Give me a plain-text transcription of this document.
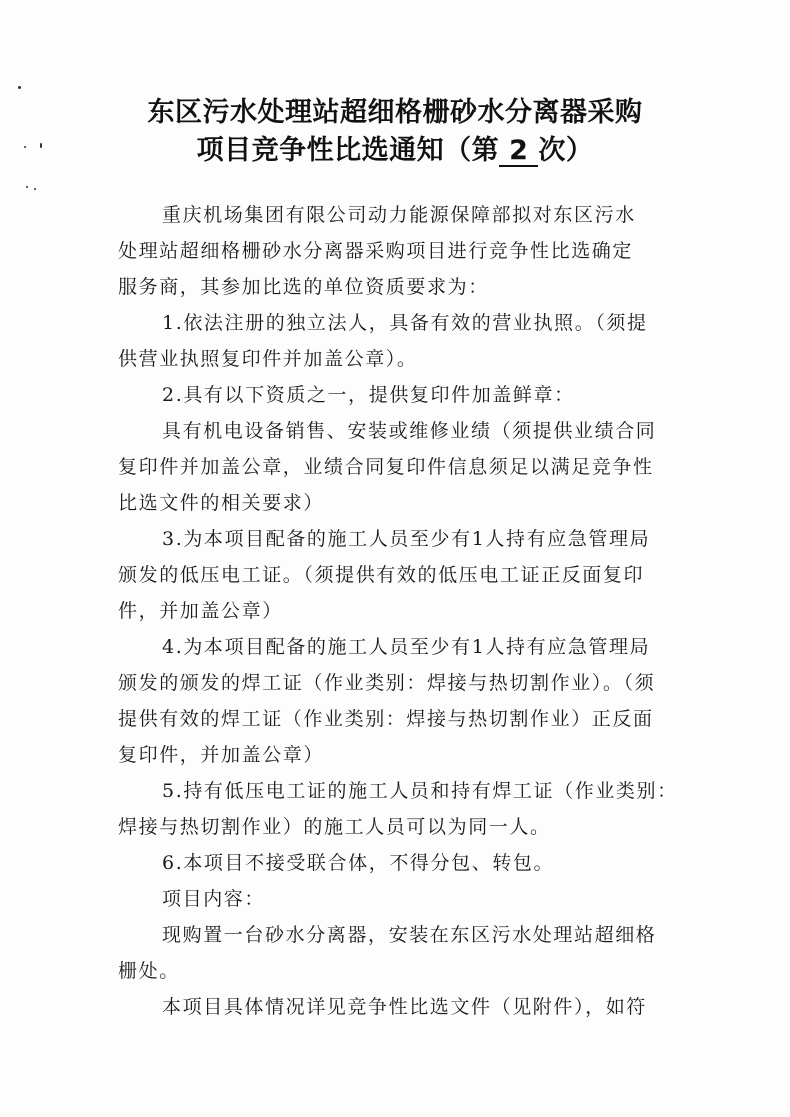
东区污水处理站超细格栅砂水分离器采购
项目竞争性比选通知（第 2 次）

重庆机场集团有限公司动力能源保障部拟对东区污水
处理站超细格栅砂水分离器采购项目进行竞争性比选确定
服务商，其参加比选的单位资质要求为：

1.依法注册的独立法人，具备有效的营业执照。（须提
供营业执照复印件并加盖公章）。

2.具有以下资质之一，提供复印件加盖鲜章：

具有机电设备销售、安装或维修业绩（须提供业绩合同
复印件并加盖公章，业绩合同复印件信息须足以满足竞争性
比选文件的相关要求）

3.为本项目配备的施工人员至少有1人持有应急管理局
颁发的低压电工证。（须提供有效的低压电工证正反面复印
件，并加盖公章）

4.为本项目配备的施工人员至少有1人持有应急管理局
颁发的颁发的焊工证（作业类别：焊接与热切割作业）。（须
提供有效的焊工证（作业类别：焊接与热切割作业）正反面
复印件，并加盖公章）

5.持有低压电工证的施工人员和持有焊工证（作业类别：
焊接与热切割作业）的施工人员可以为同一人。

6.本项目不接受联合体，不得分包、转包。

项目内容：

现购置一台砂水分离器，安装在东区污水处理站超细格
栅处。

本项目具体情况详见竞争性比选文件（见附件），如符
